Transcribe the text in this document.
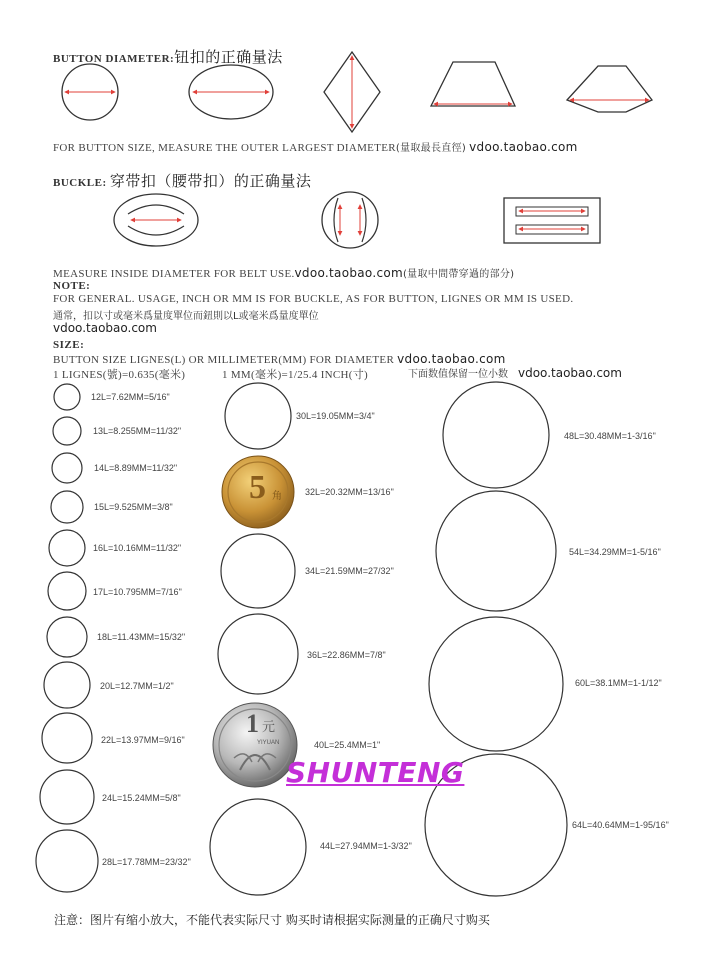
BUTTON DIAMETER:钮扣的正确量法
5 角
1 元
YIYUAN
FOR BUTTON SIZE, MEASURE THE OUTER LARGEST DIAMETER(量取最長直徑) vdoo.taobao.com
BUCKLE: 穿带扣（腰带扣）的正确量法
MEASURE INSIDE DIAMETER FOR BELT USE.vdoo.taobao.com(量取中間帶穿過的部分)
NOTE:
FOR GENERAL. USAGE, INCH OR MM IS FOR BUCKLE, AS FOR BUTTON, LIGNES OR MM IS USED.
通常，扣以寸或毫米爲量度單位而鈕則以L或毫米爲量度單位
vdoo.taobao.com
SIZE:
BUTTON SIZE LIGNES(L) OR MILLIMETER(MM) FOR DIAMETER vdoo.taobao.com
1 LIGNES(號)=0.635(毫米)	1 MM(毫米)=1/25.4 INCH(寸)	下面数值保留一位小数 vdoo.taobao.com
12L=7.62MM=5/16"
13L=8.255MM=11/32"
14L=8.89MM=11/32"
15L=9.525MM=3/8"
16L=10.16MM=11/32"
17L=10.795MM=7/16"
18L=11.43MM=15/32"
20L=12.7MM=1/2"
22L=13.97MM=9/16"
24L=15.24MM=5/8"
28L=17.78MM=23/32"
30L=19.05MM=3/4"
32L=20.32MM=13/16"
34L=21.59MM=27/32"
36L=22.86MM=7/8"
40L=25.4MM=1"
44L=27.94MM=1-3/32"
48L=30.48MM=1-3/16"
54L=34.29MM=1-5/16"
60L=38.1MM=1-1/12"
64L=40.64MM=1-95/16"
SHUNTENG
注意：图片有缩小放大，不能代表实际尺寸 购买时请根据实际测量的正确尺寸购买
